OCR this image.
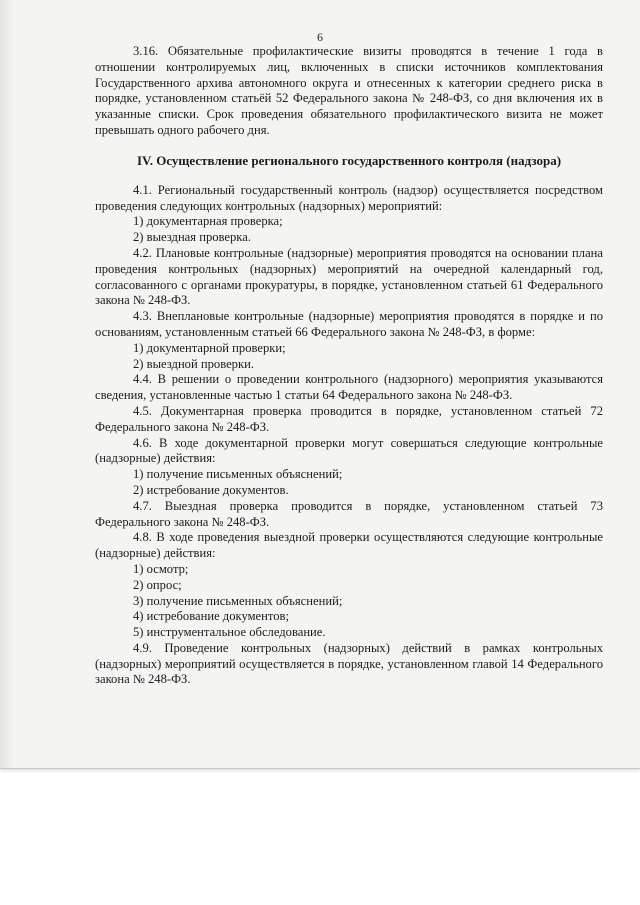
6

3.16. Обязательные профилактические визиты проводятся в течение 1 года в отношении контролируемых лиц, включенных в списки источников комплектования Государственного архива автономного округа и отнесенных к категории среднего риска в порядке, установленном статьёй 52 Федерального закона № 248-ФЗ, со дня включения их в указанные списки. Срок проведения обязательного профилактического визита не может превышать одного рабочего дня.

IV. Осуществление регионального государственного контроля (надзора)

4.1. Региональный государственный контроль (надзор) осуществляется посредством проведения следующих контрольных (надзорных) мероприятий:

1) документарная проверка;

2) выездная проверка.

4.2. Плановые контрольные (надзорные) мероприятия проводятся на основании плана проведения контрольных (надзорных) мероприятий на очередной календарный год, согласованного с органами прокуратуры, в порядке, установленном статьей 61 Федерального закона № 248-ФЗ.

4.3. Внеплановые контрольные (надзорные) мероприятия проводятся в порядке и по основаниям, установленным статьей 66 Федерального закона № 248-ФЗ, в форме:

1) документарной проверки;

2) выездной проверки.

4.4. В решении о проведении контрольного (надзорного) мероприятия указываются сведения, установленные частью 1 статьи 64 Федерального закона № 248-ФЗ.

4.5. Документарная проверка проводится в порядке, установленном статьей 72 Федерального закона № 248-ФЗ.

4.6. В ходе документарной проверки могут совершаться следующие контрольные (надзорные) действия:

1) получение письменных объяснений;

2) истребование документов.

4.7. Выездная проверка проводится в порядке, установленном статьей 73 Федерального закона № 248-ФЗ.

4.8. В ходе проведения выездной проверки осуществляются следующие контрольные (надзорные) действия:

1) осмотр;

2) опрос;

3) получение письменных объяснений;

4) истребование документов;

5) инструментальное обследование.

4.9. Проведение контрольных (надзорных) действий в рамках контрольных (надзорных) мероприятий осуществляется в порядке, установленном главой 14 Федерального закона № 248-ФЗ.
